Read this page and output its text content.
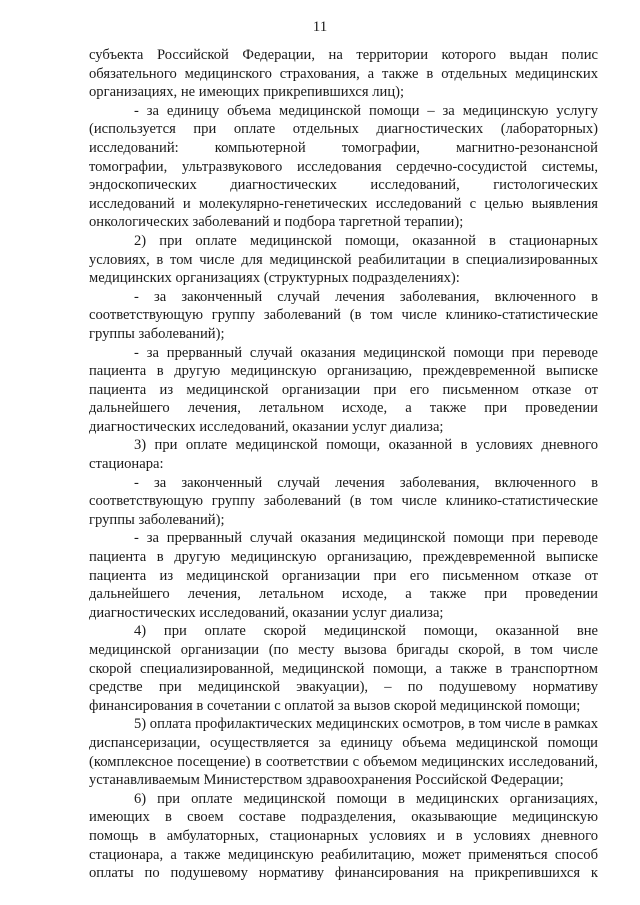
11
субъекта Российской Федерации, на территории которого выдан полис
обязательного медицинского страхования, а также в отдельных медицинских
организациях, не имеющих прикрепившихся лиц);
- за единицу объема медицинской помощи – за медицинскую услугу
(используется при оплате отдельных диагностических (лабораторных)
исследований: компьютерной томографии, магнитно-резонансной
томографии, ультразвукового исследования сердечно-сосудистой системы,
эндоскопических диагностических исследований, гистологических
исследований и молекулярно-генетических исследований с целью выявления
онкологических заболеваний и подбора таргетной терапии);
2) при оплате медицинской помощи, оказанной в стационарных
условиях, в том числе для медицинской реабилитации в специализированных
медицинских организациях (структурных подразделениях):
- за законченный случай лечения заболевания, включенного в
соответствующую группу заболеваний (в том числе клинико-статистические
группы заболеваний);
- за прерванный случай оказания медицинской помощи при переводе
пациента в другую медицинскую организацию, преждевременной выписке
пациента из медицинской организации при его письменном отказе от
дальнейшего лечения, летальном исходе, а также при проведении
диагностических исследований, оказании услуг диализа;
3) при оплате медицинской помощи, оказанной в условиях дневного
стационара:
- за законченный случай лечения заболевания, включенного в
соответствующую группу заболеваний (в том числе клинико-статистические
группы заболеваний);
- за прерванный случай оказания медицинской помощи при переводе
пациента в другую медицинскую организацию, преждевременной выписке
пациента из медицинской организации при его письменном отказе от
дальнейшего лечения, летальном исходе, а также при проведении
диагностических исследований, оказании услуг диализа;
4) при оплате скорой медицинской помощи, оказанной вне
медицинской организации (по месту вызова бригады скорой, в том числе
скорой специализированной, медицинской помощи, а также в транспортном
средстве при медицинской эвакуации), – по подушевому нормативу
финансирования в сочетании с оплатой за вызов скорой медицинской помощи;
5) оплата профилактических медицинских осмотров, в том числе в рамках
диспансеризации, осуществляется за единицу объема медицинской помощи
(комплексное посещение) в соответствии с объемом медицинских исследований,
устанавливаемым Министерством здравоохранения Российской Федерации;
6) при оплате медицинской помощи в медицинских организациях,
имеющих в своем составе подразделения, оказывающие медицинскую
помощь в амбулаторных, стационарных условиях и в условиях дневного
стационара, а также медицинскую реабилитацию, может применяться способ
оплаты по подушевому нормативу финансирования на прикрепившихся к
